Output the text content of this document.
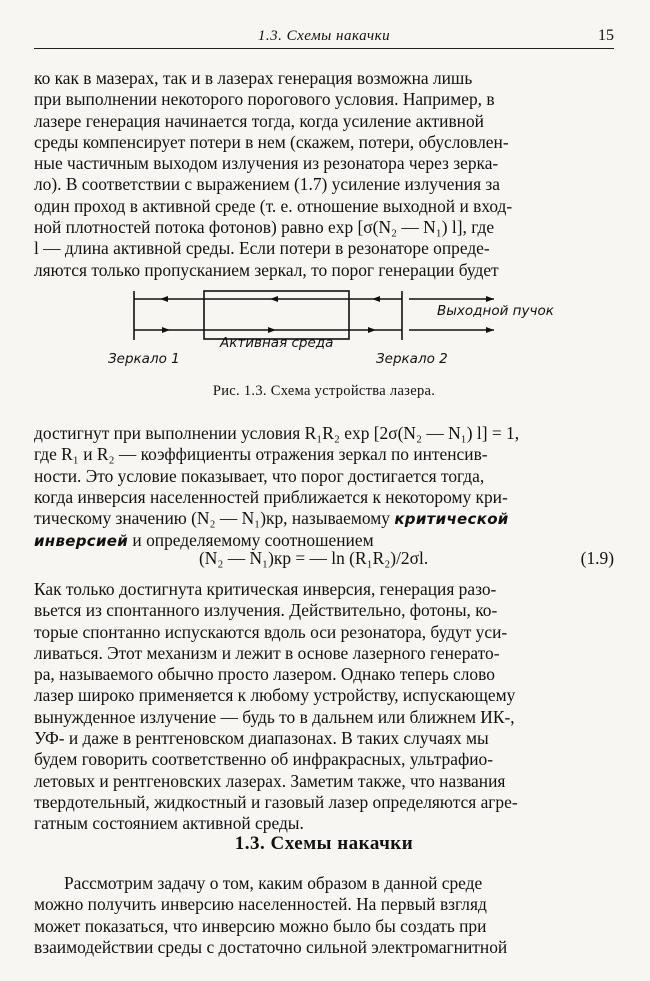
1.3. Схемы накачки	15

ко как в мазерах, так и в лазерах генерация возможна лишь

при выполнении некоторого порогового условия. Например, в

лазере генерация начинается тогда, когда усиление активной

среды компенсирует потери в нем (скажем, потери, обусловлен-

ные частичным выходом излучения из резонатора через зерка-

ло). В соответствии с выражением (1.7) усиление излучения за

один проход в активной среде (т. е. отношение выходной и вход-

ной плотностей потока фотонов) равно exp [σ(N₂ — N₁) l], где

l — длина активной среды. Если потери в резонаторе опреде-

ляются только пропусканием зеркал, то порог генерации будет

Выходной пучок
Активная среда
Зеркало 1	Зеркало 2
Рис. 1.3. Схема устройства лазера.

достигнут при выполнении условия R₁R₂ exp [2σ(N₂ — N₁) l] = 1,

где R₁ и R₂ — коэффициенты отражения зеркал по интенсив-

ности. Это условие показывает, что порог достигается тогда,

когда инверсия населенностей приближается к некоторому кри-

тическому значению (N₂ — N₁)кр, называемому критической

инверсией и определяемому соотношением

(N₂ — N₁)кр = — ln (R₁R₂)/2σl.	(1.9)

Как только достигнута критическая инверсия, генерация разо-

вьется из спонтанного излучения. Действительно, фотоны, ко-

торые спонтанно испускаются вдоль оси резонатора, будут уси-

ливаться. Этот механизм и лежит в основе лазерного генерато-

ра, называемого обычно просто лазером. Однако теперь слово

лазер широко применяется к любому устройству, испускающему

вынужденное излучение — будь то в дальнем или ближнем ИК-,

УФ- и даже в рентгеновском диапазонах. В таких случаях мы

будем говорить соответственно об инфракрасных, ультрафио-

летовых и рентгеновских лазерах. Заметим также, что названия

твердотельный, жидкостный и газовый лазер определяются агре-

гатным состоянием активной среды.

1.3. Схемы накачки

Рассмотрим задачу о том, каким образом в данной среде

можно получить инверсию населенностей. На первый взгляд

может показаться, что инверсию можно было бы создать при

взаимодействии среды с достаточно сильной электромагнитной
